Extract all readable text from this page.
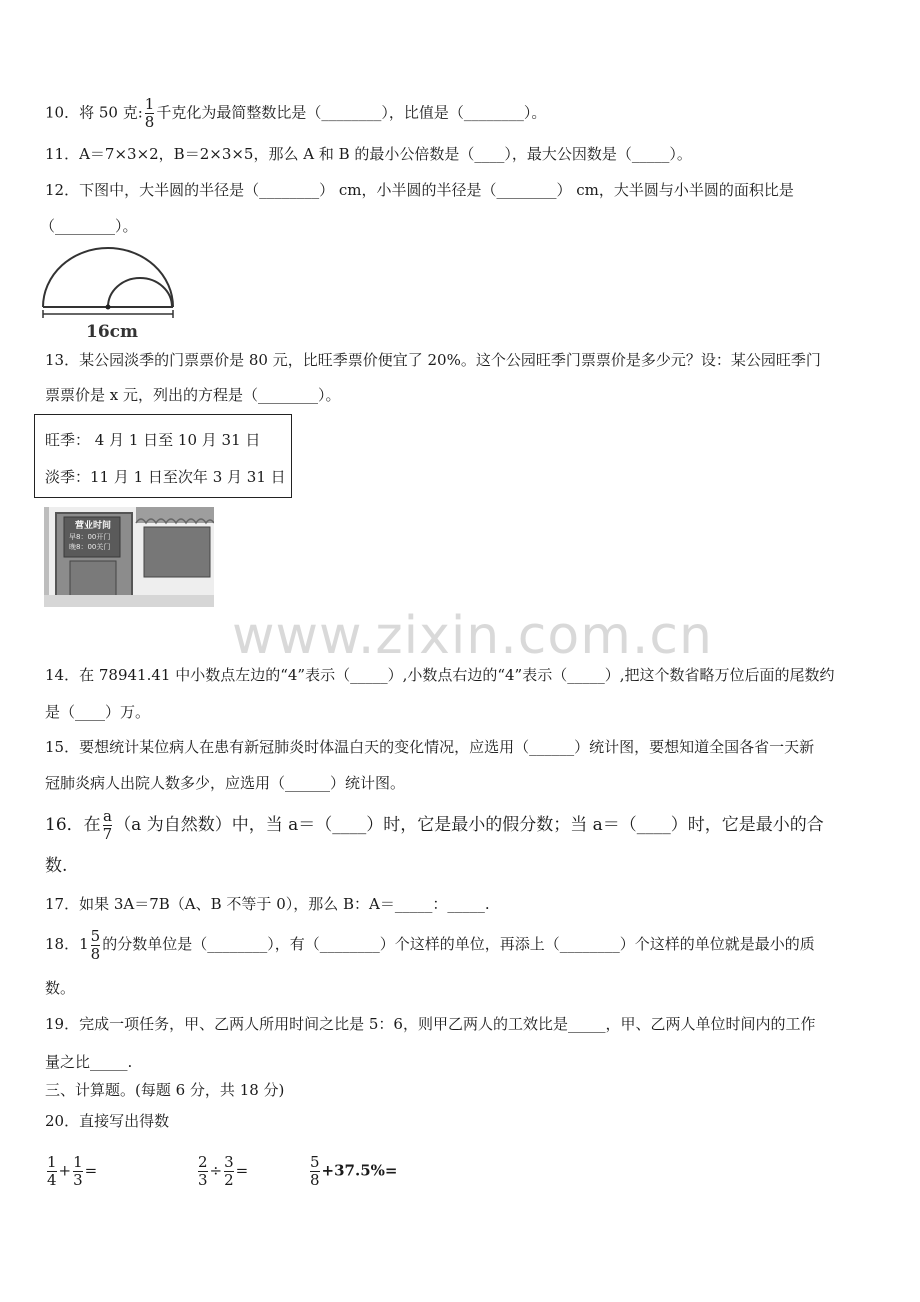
10．将 50 克: $\frac{1}{8}$ 千克化为最简整数比是（________），比值是（________）。
11．A＝7×3×2，B＝2×3×5，那么 A 和 B 的最小公倍数是（____），最大公因数是（_____）。
12．下图中，大半圆的半径是（________） cm，小半圆的半径是（________） cm，大半圆与小半圆的面积比是
（________）。
16cm
13．某公园淡季的门票票价是 80 元，比旺季票价便宜了 20%。这个公园旺季门票票价是多少元？设：某公园旺季门
票票价是 x 元，列出的方程是（________）。
旺季： 4 月 1 日至 10 月 31 日
淡季：11 月 1 日至次年 3 月 31 日
营业时间
早8：00开门
晚8：00关门
www.zixin.com.cn
14．在 78941.41 中小数点左边的“4”表示（_____）,小数点右边的“4”表示（_____）,把这个数省略万位后面的尾数约
是（____）万。
15．要想统计某位病人在患有新冠肺炎时体温白天的变化情况，应选用（______）统计图，要想知道全国各省一天新
冠肺炎病人出院人数多少，应选用（______）统计图。
16．在 $\frac{a}{7} (a$ 为自然数）中，当 a＝（____）时，它是最小的假分数；当 a＝（____）时，它是最小的合
数.
17．如果 3A＝7B（A、B 不等于 0），那么 B：A＝_____：_____.
18．$1 \frac{5}{8}$ 的分数单位是（________），有（________）个这样的单位，再添上（________）个这样的单位就是最小的质
数。
19．完成一项任务，甲、乙两人所用时间之比是 5：6，则甲乙两人的工效比是_____，甲、乙两人单位时间内的工作
量之比_____.
三、计算题。(每题 6 分，共 18 分)
20．直接写出得数
$\frac{1}{4} + \frac{1}{3}$ =	$\frac{2}{3} \div \frac{3}{2}$ =	$\frac{5}{8} +37.5\%=$
